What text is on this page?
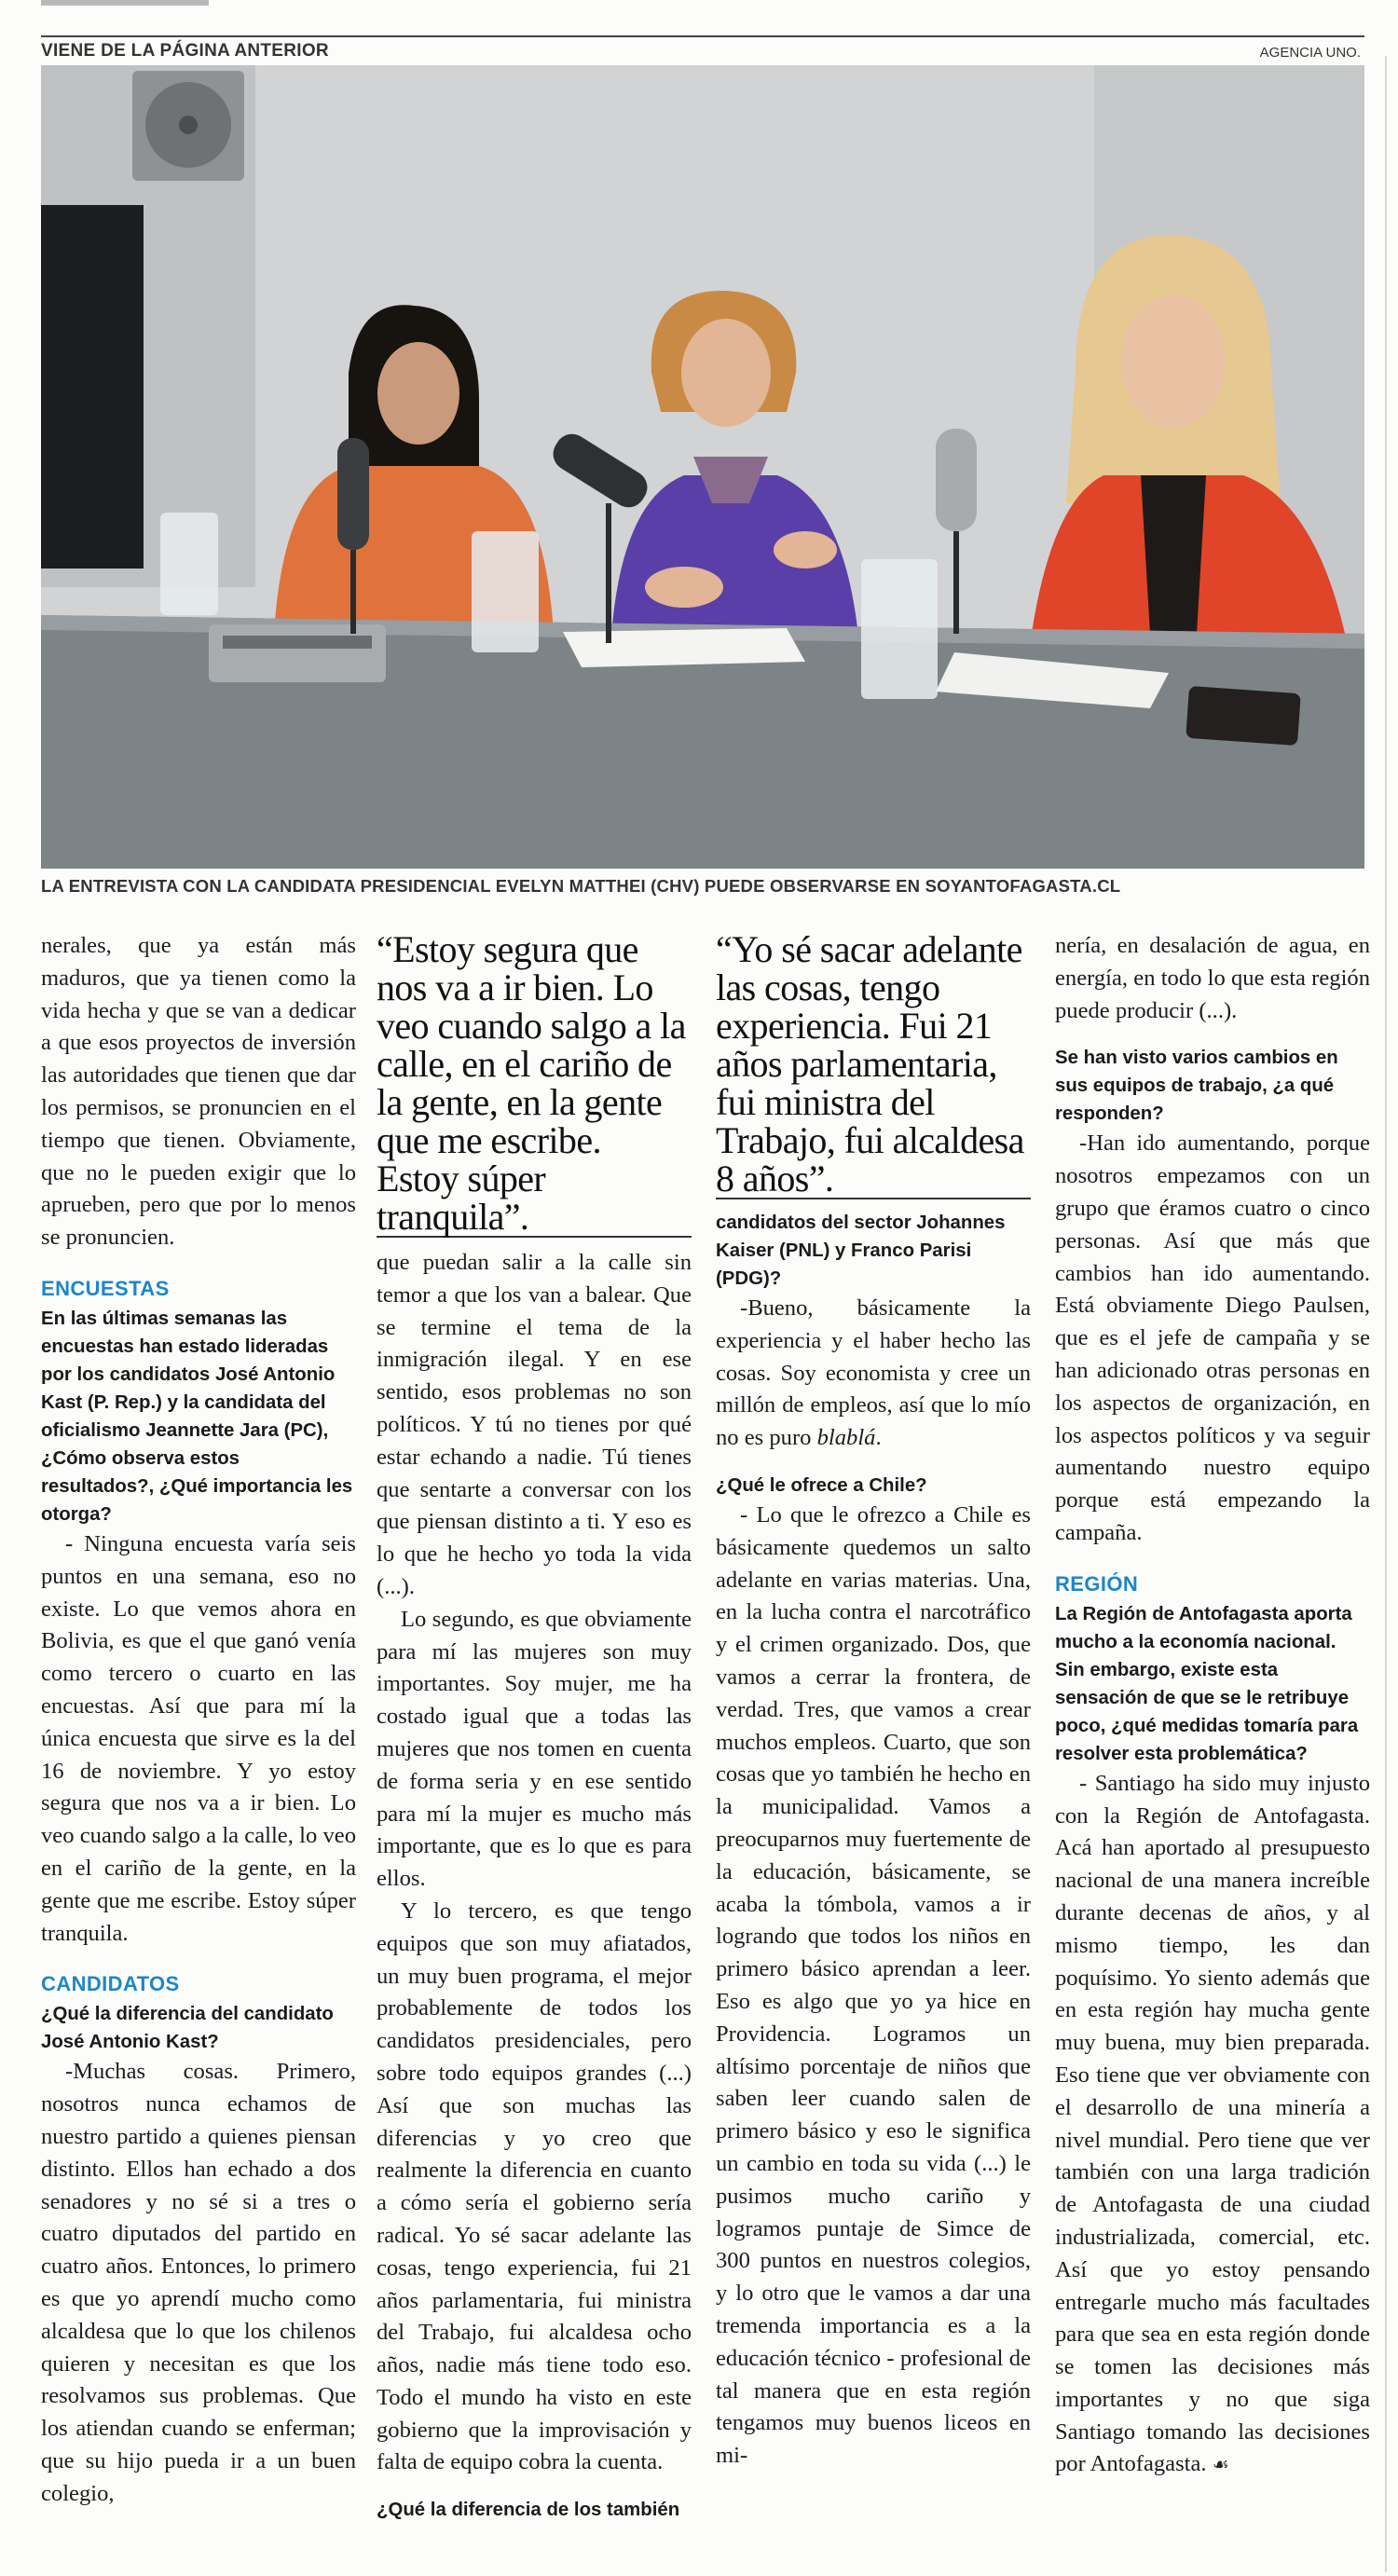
VIENE DE LA PÁGINA ANTERIOR	AGENCIA UNO.
LA ENTREVISTA CON LA CANDIDATA PRESIDENCIAL EVELYN MATTHEI (CHV) PUEDE OBSERVARSE EN SOYANTOFAGASTA.CL

nerales, que ya están más maduros, que ya tienen como la vida hecha y que se van a dedicar a que esos proyectos de inversión las autoridades que tienen que dar los permisos, se pronuncien en el tiempo que tienen. Obviamente, que no le pueden exigir que lo aprueben, pero que por lo menos se pronuncien.

ENCUESTAS

En las últimas semanas las encuestas han estado lideradas por los candidatos José Antonio Kast (P. Rep.) y la candidata del oficialismo Jeannette Jara (PC), ¿Cómo observa estos resultados?, ¿Qué importancia les otorga?

- Ninguna encuesta varía seis puntos en una semana, eso no existe. Lo que vemos ahora en Bolivia, es que el que ganó venía como tercero o cuarto en las encuestas. Así que para mí la única encuesta que sirve es la del 16 de noviembre. Y yo estoy segura que nos va a ir bien. Lo veo cuando salgo a la calle, lo veo en el cariño de la gente, en la gente que me escribe. Estoy súper tranquila.

CANDIDATOS

¿Qué la diferencia del candidato José Antonio Kast?

-Muchas cosas. Primero, nosotros nunca echamos de nuestro partido a quienes piensan distinto. Ellos han echado a dos senadores y no sé si a tres o cuatro diputados del partido en cuatro años. Entonces, lo primero es que yo aprendí mucho como alcaldesa que lo que los chilenos quieren y necesitan es que los resolvamos sus problemas. Que los atiendan cuando se enferman; que su hijo pueda ir a un buen colegio,

“Estoy segura que nos va a ir bien. Lo veo cuando salgo a la calle, en el cariño de la gente, en la gente que me escribe. Estoy súper tranquila”.

que puedan salir a la calle sin temor a que los van a balear. Que se termine el tema de la inmigración ilegal. Y en ese sentido, esos problemas no son políticos. Y tú no tienes por qué estar echando a nadie. Tú tienes que sentarte a conversar con los que piensan distinto a ti. Y eso es lo que he hecho yo toda la vida (...).

Lo segundo, es que obviamente para mí las mujeres son muy importantes. Soy mujer, me ha costado igual que a todas las mujeres que nos tomen en cuenta de forma seria y en ese sentido para mí la mujer es mucho más importante, que es lo que es para ellos.

Y lo tercero, es que tengo equipos que son muy afiatados, un muy buen programa, el mejor probablemente de todos los candidatos presidenciales, pero sobre todo equipos grandes (...) Así que son muchas las diferencias y yo creo que realmente la diferencia en cuanto a cómo sería el gobierno sería radical. Yo sé sacar adelante las cosas, tengo experiencia, fui 21 años parlamentaria, fui ministra del Trabajo, fui alcaldesa ocho años, nadie más tiene todo eso. Todo el mundo ha visto en este gobierno que la improvisación y falta de equipo cobra la cuenta.

¿Qué la diferencia de los también

“Yo sé sacar adelante las cosas, tengo experiencia. Fui 21 años parlamentaria, fui ministra del Trabajo, fui alcaldesa 8 años”.

candidatos del sector Johannes Kaiser (PNL) y Franco Parisi (PDG)?

-Bueno, básicamente la experiencia y el haber hecho las cosas. Soy economista y cree un millón de empleos, así que lo mío no es puro blablá.

¿Qué le ofrece a Chile?

- Lo que le ofrezco a Chile es básicamente quedemos un salto adelante en varias materias. Una, en la lucha contra el narcotráfico y el crimen organizado. Dos, que vamos a cerrar la frontera, de verdad. Tres, que vamos a crear muchos empleos. Cuarto, que son cosas que yo también he hecho en la municipalidad. Vamos a preocuparnos muy fuertemente de la educación, básicamente, se acaba la tómbola, vamos a ir logrando que todos los niños en primero básico aprendan a leer. Eso es algo que yo ya hice en Providencia. Logramos un altísimo porcentaje de niños que saben leer cuando salen de primero básico y eso le significa un cambio en toda su vida (...) le pusimos mucho cariño y logramos puntaje de Simce de 300 puntos en nuestros colegios, y lo otro que le vamos a dar una tremenda importancia es a la educación técnico - profesional de tal manera que en esta región tengamos muy buenos liceos en mi-

nería, en desalación de agua, en energía, en todo lo que esta región puede producir (...).

Se han visto varios cambios en sus equipos de trabajo, ¿a qué responden?

-Han ido aumentando, porque nosotros empezamos con un grupo que éramos cuatro o cinco personas. Así que más que cambios han ido aumentando. Está obviamente Diego Paulsen, que es el jefe de campaña y se han adicionado otras personas en los aspectos de organización, en los aspectos políticos y va seguir aumentando nuestro equipo porque está empezando la campaña.

REGIÓN

La Región de Antofagasta aporta mucho a la economía nacional. Sin embargo, existe esta sensación de que se le retribuye poco, ¿qué medidas tomaría para resolver esta problemática?

- Santiago ha sido muy injusto con la Región de Antofagasta. Acá han aportado al presupuesto nacional de una manera increíble durante decenas de años, y al mismo tiempo, les dan poquísimo. Yo siento además que en esta región hay mucha gente muy buena, muy bien preparada. Eso tiene que ver obviamente con el desarrollo de una minería a nivel mundial. Pero tiene que ver también con una larga tradición de Antofagasta de una ciudad industrializada, comercial, etc. Así que yo estoy pensando entregarle mucho más facultades para que sea en esta región donde se tomen las decisiones más importantes y no que siga Santiago tomando las decisiones por Antofagasta. ☙
